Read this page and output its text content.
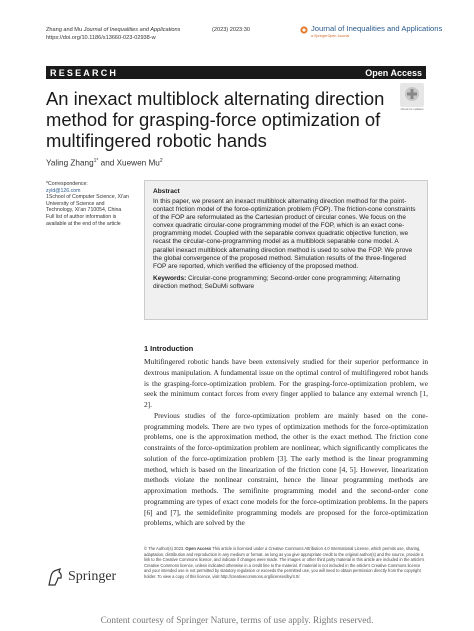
Zhang and Mu Journal of Inequalities and Applications
https://doi.org/10.1186/s13660-023-02938-w
(2023) 2023:30	Journal of Inequalities and Applications
a SpringerOpen Journal
RESEARCH	Open Access
An inexact multiblock alternating direction method for grasping-force optimization of multifingered robotic hands
Check for updates
Yaling Zhang$^{1*}$ and Xuewen Mu$^2$
*Correspondence:
zyld@126.com
1School of Computer Science, Xi'an University of Science and Technology, Xi'an 710054, China
Full list of author information is available at the end of the article
Abstract
In this paper, we present an inexact multiblock alternating direction method for the point-contact friction model of the force-optimization problem (FOP). The friction-cone constraints of the FOP are reformulated as the Cartesian product of circular cones. We focus on the convex quadratic circular-cone programming model of the FOP, which is an exact cone-programming model. Coupled with the separable convex quadratic objective function, we recast the circular-cone-programming model as a multiblock separable cone model. A parallel inexact multiblock alternating direction method is used to solve the FOP. We prove the global convergence of the proposed method. Simulation results of the three-fingered FOP are reported, which verified the efficiency of the proposed method.
Keywords: Circular-cone programming; Second-order cone programming; Alternating direction method; SeDuMi software
1 Introduction

Multifingered robotic hands have been extensively studied for their superior performance in dextrous manipulation. A fundamental issue on the optimal control of multifingered robot hands is the grasping-force-optimization problem. For the grasping-force-optimization problem, we seek the minimum contact forces from every finger applied to balance any external wrench [1, 2].

Previous studies of the force-optimization problem are mainly based on the cone-programming models. There are two types of optimization methods for the force-optimization problems, one is the approximation method, the other is the exact method. The friction cone constraints of the force-optimization problem are nonlinear, which significantly complicates the solution of the force-optimization problem [3]. The early method is the linear programming method, which is based on the linearization of the friction cone [4, 5]. However, linearization methods violate the nonlinear constraint, hence the linear programming methods are approximation methods. The semifinite programming model and the second-order cone programming are types of exact cone models for the force-optimization problems. In the papers [6] and [7], the semidefinite programming models are proposed for the force-optimization problems, which are solved by the

Springer
© The Author(s) 2023. Open Access This article is licensed under a Creative Commons Attribution 4.0 International License, which permits use, sharing, adaptation, distribution and reproduction in any medium or format, as long as you give appropriate credit to the original author(s) and the source, provide a link to the Creative Commons licence, and indicate if changes were made. The images or other third party material in this article are included in the article's Creative Commons licence, unless indicated otherwise in a credit line to the material. If material is not included in the article's Creative Commons licence and your intended use is not permitted by statutory regulation or exceeds the permitted use, you will need to obtain permission directly from the copyright holder. To view a copy of this licence, visit http://creativecommons.org/licenses/by/4.0/.
Content courtesy of Springer Nature, terms of use apply. Rights reserved.
